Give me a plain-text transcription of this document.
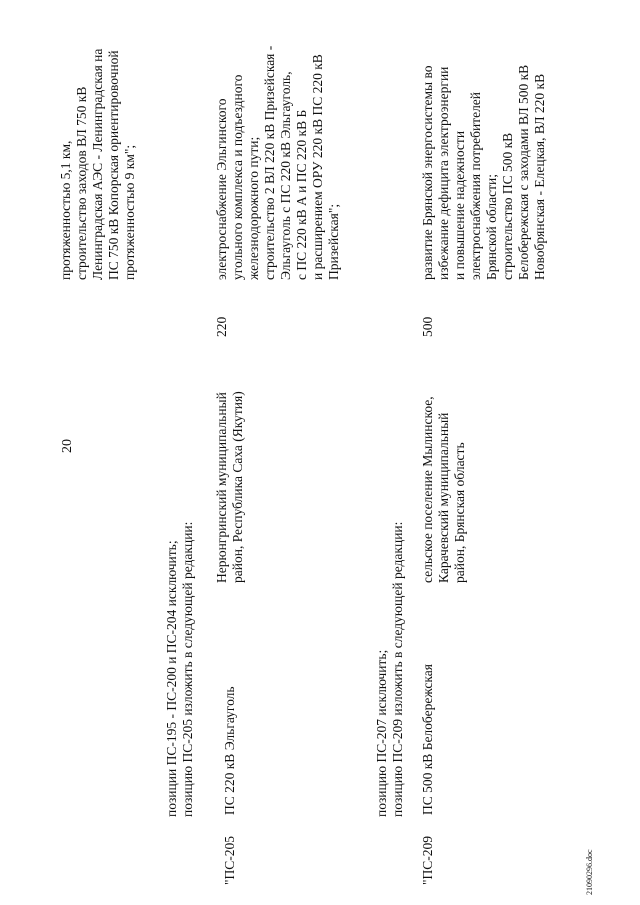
протяженностью 5,1 км, строительство заходов ВЛ 750 кВ Ленинградская АЭС - Ленинградская на ПС 750 кВ Копорская ориентировочной протяженностью 9 км";
20
позиции ПС-195 - ПС-200 и ПС-204 исключить; позицию ПС-205 изложить в следующей редакции:
"ПС-205
ПС 220 кВ Эльгауголь
Нерюнгринский муниципальный район, Республика Саха (Якутия)
220
электроснабжение Эльгинского угольного комплекса и подъездного железнодорожного пути; строительство 2 ВЛ 220 кВ Призейская - Эльгауголь с ПС 220 кВ Эльгауголь, с ПС 220 кВ А и ПС 220 кВ Б и расширением ОРУ 220 кВ ПС 220 кВ Призейская";
позицию ПС-207 исключить; позицию ПС-209 изложить в следующей редакции:
"ПС-209
ПС 500 кВ Белобережская
сельское поселение Мылинское, Карачевский муниципальный район, Брянская область
500
развитие Брянской энергосистемы во избежание дефицита электроэнергии и повышение надежности электроснабжения потребителей Брянской области; строительство ПС 500 кВ Белобережская с заходами ВЛ 500 кВ Новобрянская - Елецкая, ВЛ 220 кВ
21090296.doc
